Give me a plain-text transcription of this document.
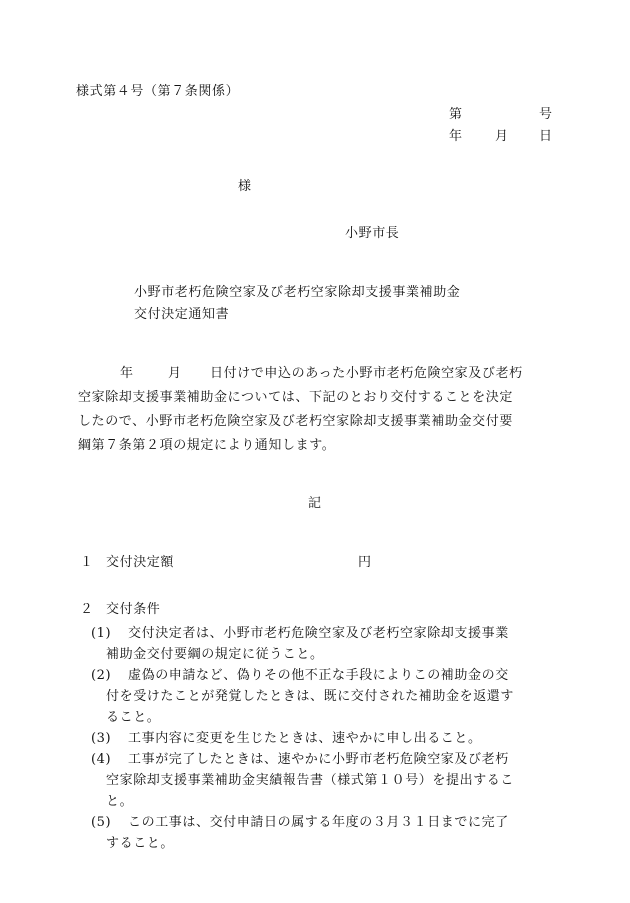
様式第４号（第７条関係）
第	号
年 月 日
様
小野市長
小野市老朽危険空家及び老朽空家除却支援事業補助金
交付決定通知書
年	月 日付けで申込のあった小野市老朽危険空家及び老朽
空家除却支援事業補助金については、下記のとおり交付することを決定
したので、小野市老朽危険空家及び老朽空家除却支援事業補助金交付要
綱第７条第２項の規定により通知します。
記
１ 交付決定額	円
２ 交付条件
(1) 交付決定者は、小野市老朽危険空家及び老朽空家除却支援事業
補助金交付要綱の規定に従うこと。
(2) 虚偽の申請など、偽りその他不正な手段によりこの補助金の交
付を受けたことが発覚したときは、既に交付された補助金を返還す
ること。
(3) 工事内容に変更を生じたときは、速やかに申し出ること。
(4) 工事が完了したときは、速やかに小野市老朽危険空家及び老朽
空家除却支援事業補助金実績報告書（様式第１０号）を提出するこ
と。
(5) この工事は、交付申請日の属する年度の３月３１日までに完了
すること。
